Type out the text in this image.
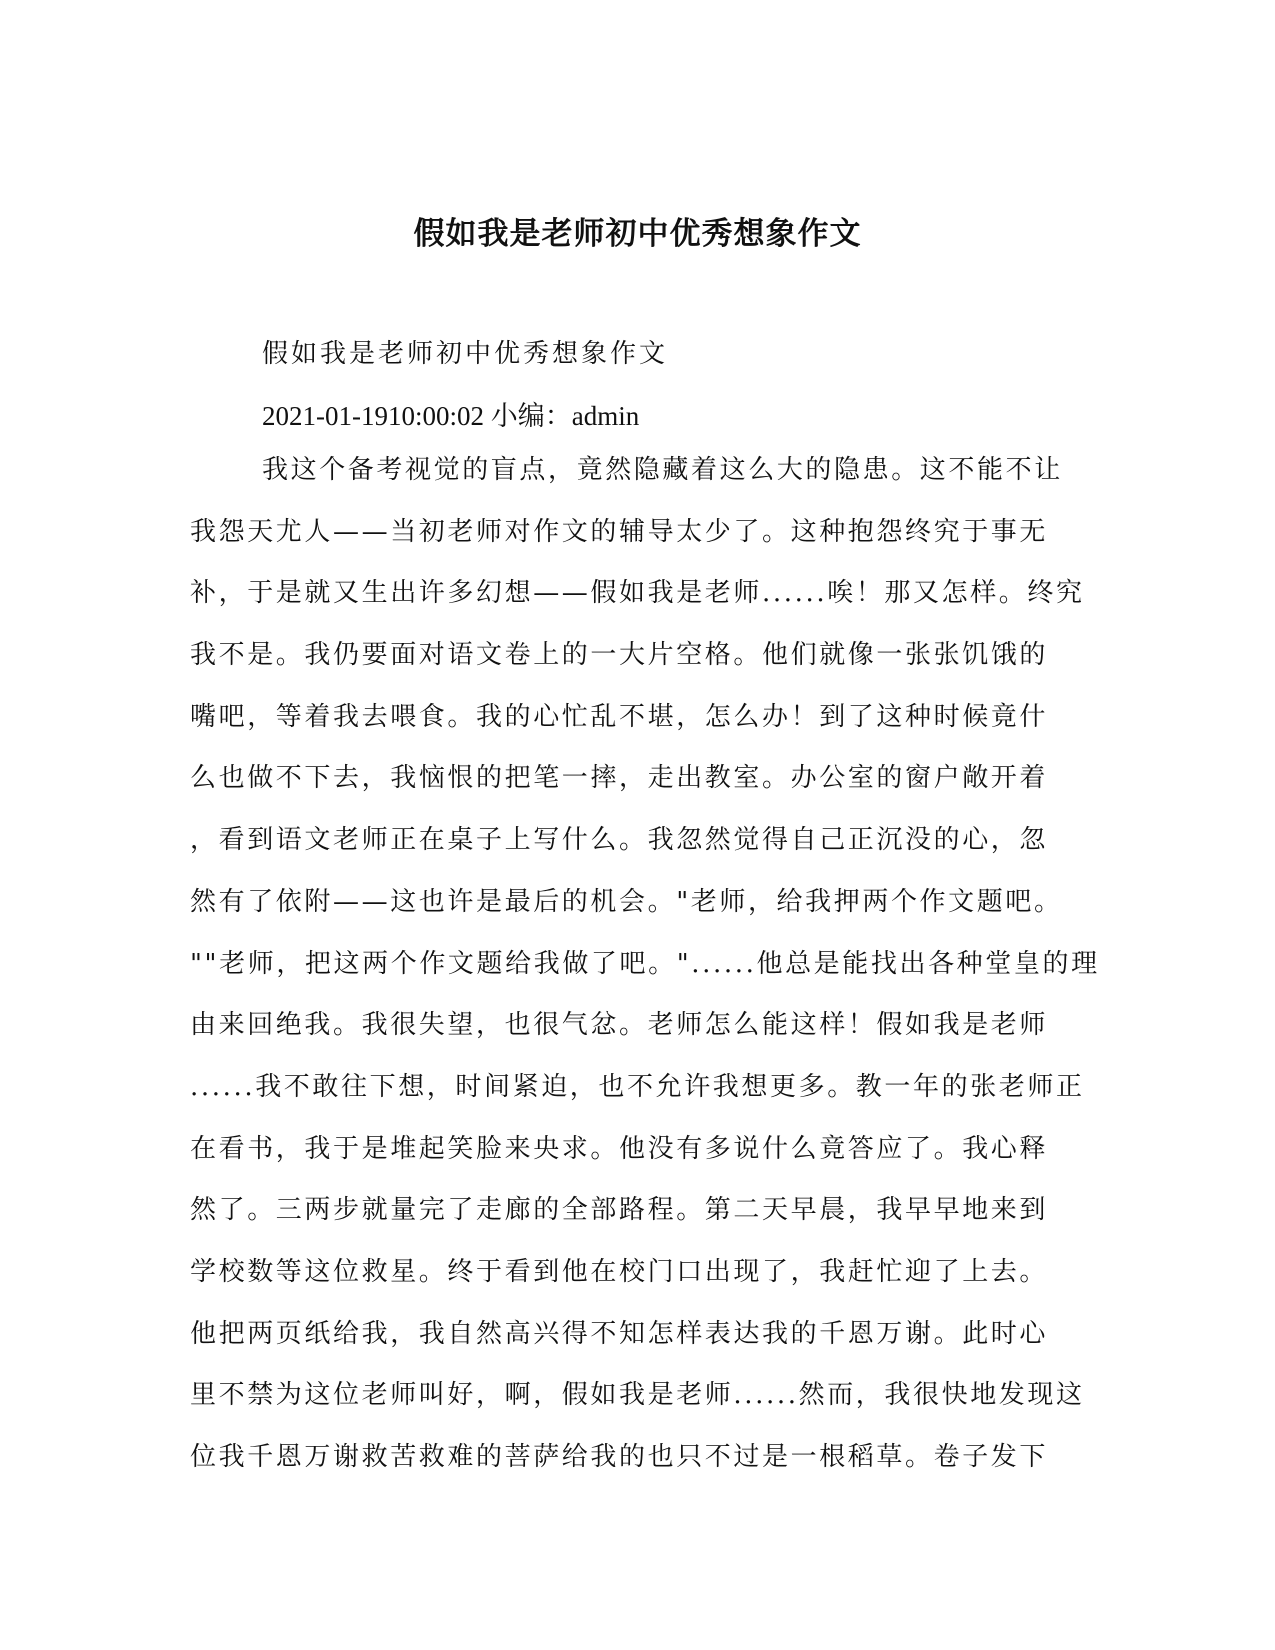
假如我是老师初中优秀想象作文

假如我是老师初中优秀想象作文

2021-01-1910:00:02 小编：admin

我这个备考视觉的盲点，竟然隐藏着这么大的隐患。这不能不让
我怨天尤人——当初老师对作文的辅导太少了。这种抱怨终究于事无
补，于是就又生出许多幻想——假如我是老师......唉！那又怎样。终究
我不是。我仍要面对语文卷上的一大片空格。他们就像一张张饥饿的
嘴吧，等着我去喂食。我的心忙乱不堪，怎么办！到了这种时候竟什
么也做不下去，我恼恨的把笔一摔，走出教室。办公室的窗户敞开着
，看到语文老师正在桌子上写什么。我忽然觉得自己正沉没的心，忽
然有了依附——这也许是最后的机会。"老师，给我押两个作文题吧。
""老师，把这两个作文题给我做了吧。"......他总是能找出各种堂皇的理
由来回绝我。我很失望，也很气忿。老师怎么能这样！假如我是老师
......我不敢往下想，时间紧迫，也不允许我想更多。教一年的张老师正
在看书，我于是堆起笑脸来央求。他没有多说什么竟答应了。我心释
然了。三两步就量完了走廊的全部路程。第二天早晨，我早早地来到
学校数等这位救星。终于看到他在校门口出现了，我赶忙迎了上去。
他把两页纸给我，我自然高兴得不知怎样表达我的千恩万谢。此时心
里不禁为这位老师叫好，啊，假如我是老师......然而，我很快地发现这
位我千恩万谢救苦救难的菩萨给我的也只不过是一根稻草。卷子发下
